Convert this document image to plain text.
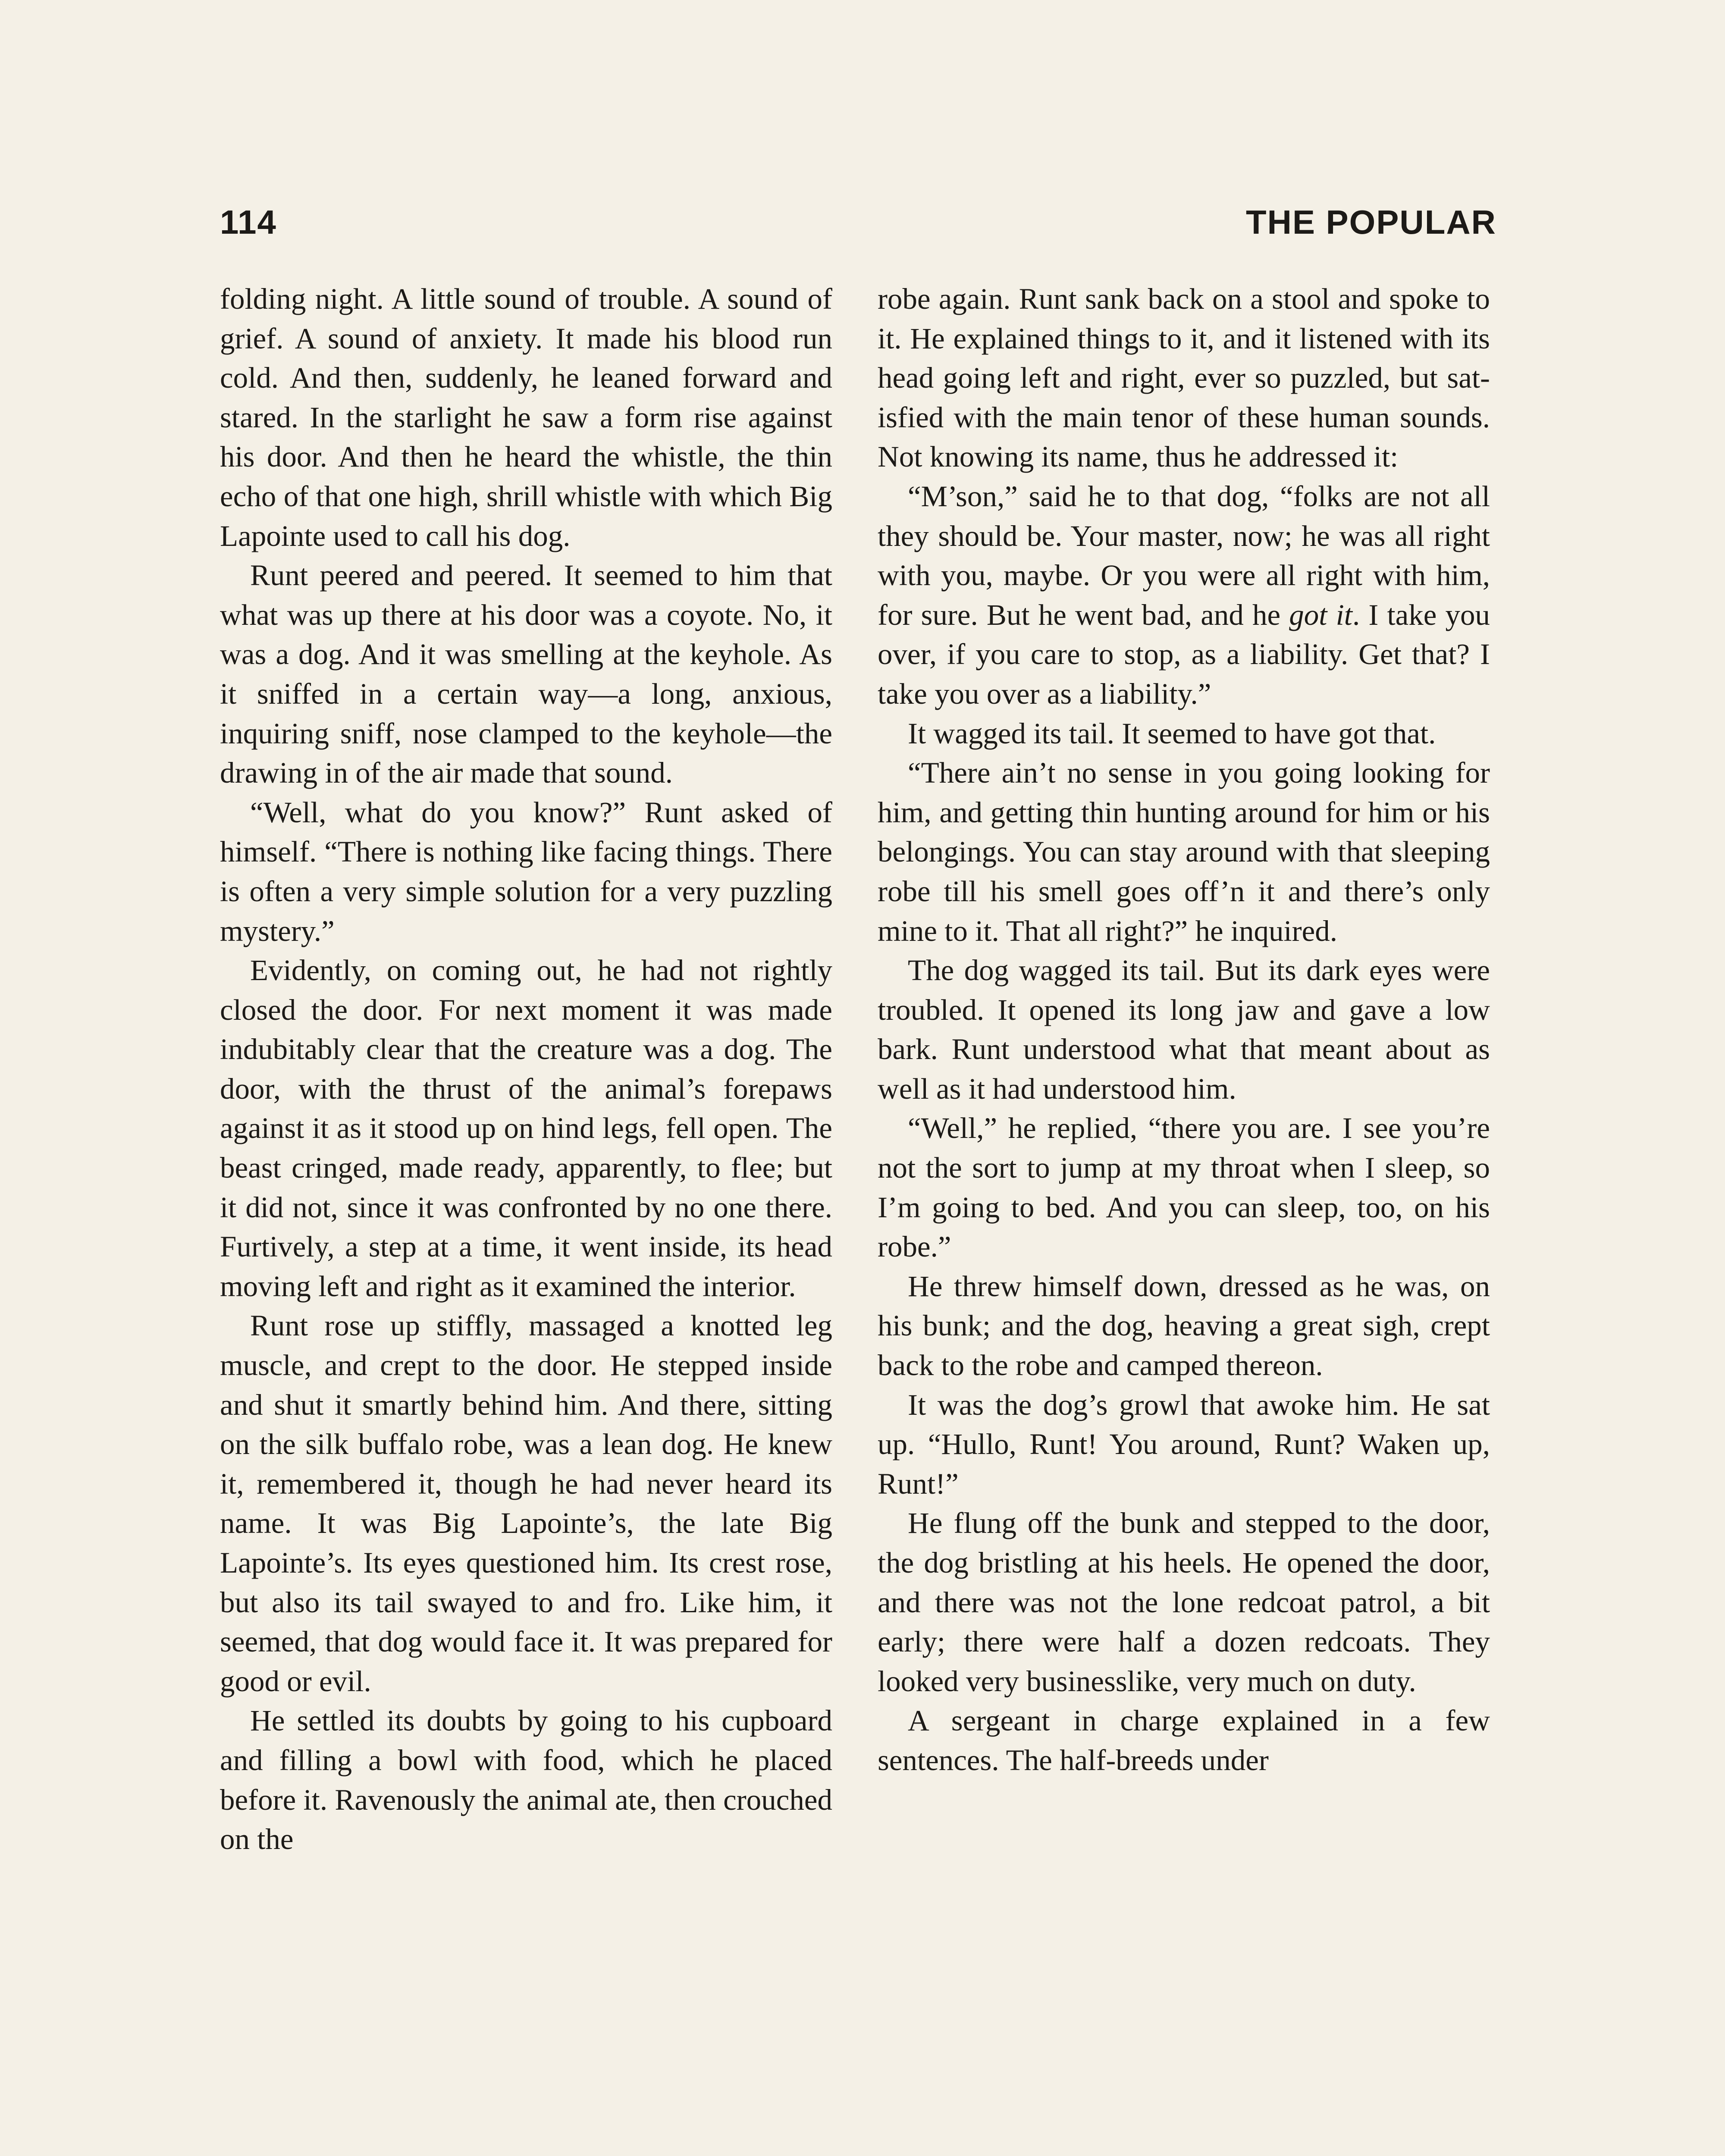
114	THE POPULAR

folding night. A little sound of trouble. A sound of grief. A sound of anxiety. It made his blood run cold. And then, suddenly, he leaned forward and stared. In the starlight he saw a form rise against his door. And then he heard the whistle, the thin echo of that one high, shrill whistle with which Big Lapointe used to call his dog.

Runt peered and peered. It seemed to him that what was up there at his door was a coyote. No, it was a dog. And it was smelling at the keyhole. As it sniffed in a certain way—a long, anxious, inquiring sniff, nose clamped to the keyhole—the drawing in of the air made that sound.

“Well, what do you know?” Runt asked of himself. “There is nothing like facing things. There is often a very simple solution for a very puzzling mystery.”

Evidently, on coming out, he had not rightly closed the door. For next moment it was made indubitably clear that the creature was a dog. The door, with the thrust of the animal’s forepaws against it as it stood up on hind legs, fell open. The beast cringed, made ready, apparently, to flee; but it did not, since it was confronted by no one there. Furtively, a step at a time, it went inside, its head moving left and right as it examined the interior.

Runt rose up stiffly, massaged a knotted leg muscle, and crept to the door. He stepped inside and shut it smartly behind him. And there, sitting on the silk buffalo robe, was a lean dog. He knew it, remembered it, though he had never heard its name. It was Big Lapointe’s, the late Big Lapointe’s. Its eyes questioned him. Its crest rose, but also its tail swayed to and fro. Like him, it seemed, that dog would face it. It was prepared for good or evil.

He settled its doubts by going to his cupboard and filling a bowl with food, which he placed before it. Ravenously the animal ate, then crouched on the

robe again. Runt sank back on a stool and spoke to it. He explained things to it, and it listened with its head going left and right, ever so puzzled, but satisfied with the main tenor of these human sounds. Not knowing its name, thus he addressed it:

“M’son,” said he to that dog, “folks are not all they should be. Your master, now; he was all right with you, maybe. Or you were all right with him, for sure. But he went bad, and he got it. I take you over, if you care to stop, as a liability. Get that? I take you over as a liability.”

It wagged its tail. It seemed to have got that.

“There ain’t no sense in you going looking for him, and getting thin hunting around for him or his belongings. You can stay around with that sleeping robe till his smell goes off’n it and there’s only mine to it. That all right?” he inquired.

The dog wagged its tail. But its dark eyes were troubled. It opened its long jaw and gave a low bark. Runt understood what that meant about as well as it had understood him.

“Well,” he replied, “there you are. I see you’re not the sort to jump at my throat when I sleep, so I’m going to bed. And you can sleep, too, on his robe.”

He threw himself down, dressed as he was, on his bunk; and the dog, heaving a great sigh, crept back to the robe and camped thereon.

It was the dog’s growl that awoke him. He sat up. “Hullo, Runt! You around, Runt? Waken up, Runt!”

He flung off the bunk and stepped to the door, the dog bristling at his heels. He opened the door, and there was not the lone redcoat patrol, a bit early; there were half a dozen redcoats. They looked very businesslike, very much on duty.

A sergeant in charge explained in a few sentences. The half-breeds under
